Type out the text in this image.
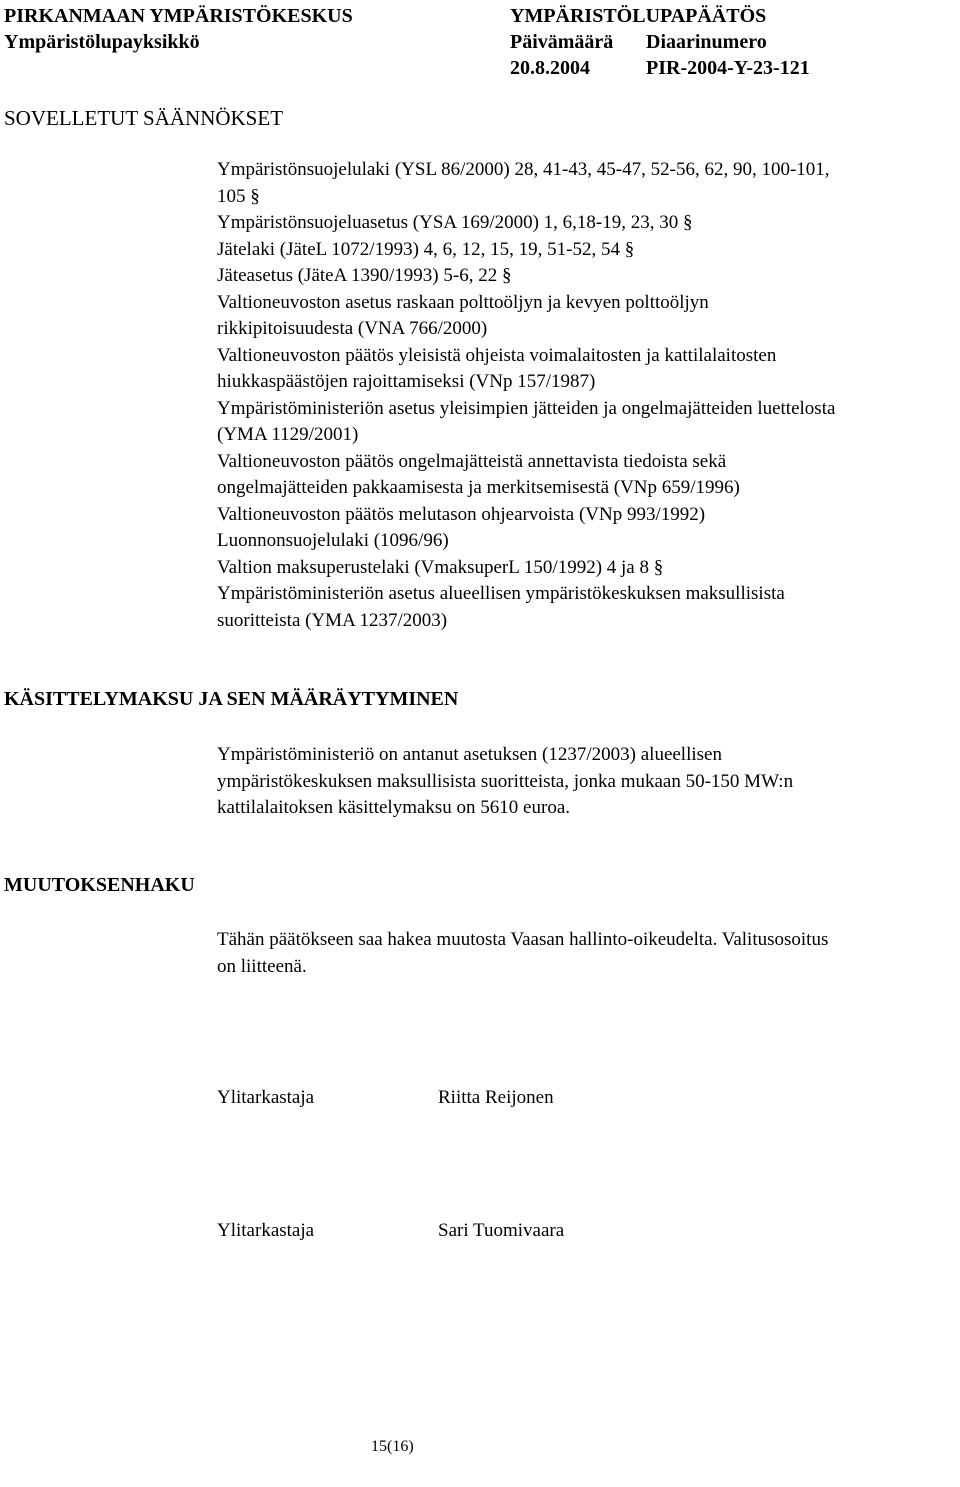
PIRKANMAAN YMPÄRISTÖKESKUS
Ympäristölupayksikkö
YMPÄRISTÖLUPAPÄÄTÖS
Päivämäärä Diaarinumero
20.8.2004	PIR-2004-Y-23-121
SOVELLETUT SÄÄNNÖKSET
Ympäristönsuojelulaki (YSL 86/2000) 28, 41-43, 45-47, 52-56, 62, 90, 100-101,
105 §
Ympäristönsuojeluasetus (YSA 169/2000) 1, 6,18-19, 23, 30 §
Jätelaki (JäteL 1072/1993) 4, 6, 12, 15, 19, 51-52, 54 §
Jäteasetus (JäteA 1390/1993) 5-6, 22 §
Valtioneuvoston asetus raskaan polttoöljyn ja kevyen polttoöljyn
rikkipitoisuudesta (VNA 766/2000)
Valtioneuvoston päätös yleisistä ohjeista voimalaitosten ja kattilalaitosten
hiukkaspäästöjen rajoittamiseksi (VNp 157/1987)
Ympäristöministeriön asetus yleisimpien jätteiden ja ongelmajätteiden luettelosta
(YMA 1129/2001)
Valtioneuvoston päätös ongelmajätteistä annettavista tiedoista sekä
ongelmajätteiden pakkaamisesta ja merkitsemisestä (VNp 659/1996)
Valtioneuvoston päätös melutason ohjearvoista (VNp 993/1992)
Luonnonsuojelulaki (1096/96)
Valtion maksuperustelaki (VmaksuperL 150/1992) 4 ja 8 §
Ympäristöministeriön asetus alueellisen ympäristökeskuksen maksullisista
suoritteista (YMA 1237/2003)
KÄSITTELYMAKSU JA SEN MÄÄRÄYTYMINEN
Ympäristöministeriö on antanut asetuksen (1237/2003) alueellisen
ympäristökeskuksen maksullisista suoritteista, jonka mukaan 50-150 MW:n
kattilalaitoksen käsittelymaksu on 5610 euroa.
MUUTOKSENHAKU
Tähän päätökseen saa hakea muutosta Vaasan hallinto-oikeudelta. Valitusosoitus
on liitteenä.
Ylitarkastaja	Riitta Reijonen
Ylitarkastaja	Sari Tuomivaara
15(16)
